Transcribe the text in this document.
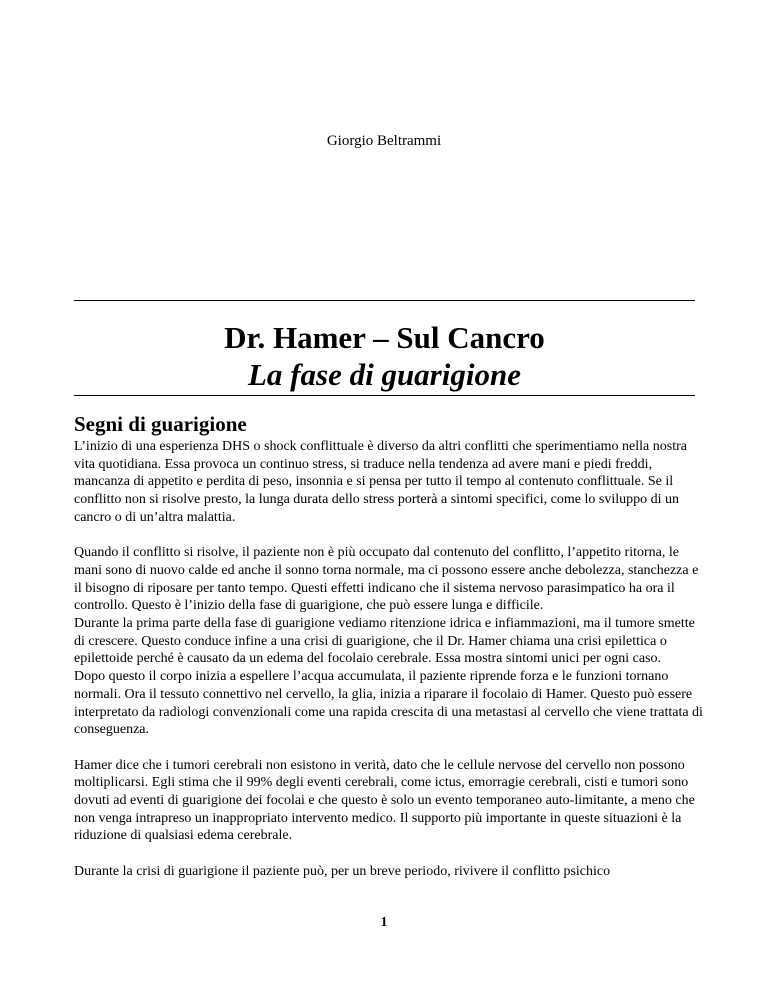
Giorgio Beltrammi
Dr. Hamer – Sul Cancro
La fase di guarigione
Segni di guarigione

L’inizio di una esperienza DHS o shock conflittuale è diverso da altri conflitti che sperimentiamo nella nostra vita quotidiana. Essa provoca un continuo stress, si traduce nella tendenza ad avere mani e piedi freddi, mancanza di appetito e perdita di peso, insonnia e si pensa per tutto il tempo al contenuto conflittuale. Se il conflitto non si risolve presto, la lunga durata dello stress porterà a sintomi specifici, come lo sviluppo di un cancro o di un’altra malattia.

Quando il conflitto si risolve, il paziente non è più occupato dal contenuto del conflitto, l’appetito ritorna, le mani sono di nuovo calde ed anche il sonno torna normale, ma ci possono essere anche debolezza, stanchezza e il bisogno di riposare per tanto tempo. Questi effetti indicano che il sistema nervoso parasimpatico ha ora il controllo. Questo è l’inizio della fase di guarigione, che può essere lunga e difficile.

Durante la prima parte della fase di guarigione vediamo ritenzione idrica e infiammazioni, ma il tumore smette di crescere. Questo conduce infine a una crisi di guarigione, che il Dr. Hamer chiama una crisi epilettica o epilettoide perché è causato da un edema del focolaio cerebrale. Essa mostra sintomi unici per ogni caso.

Dopo questo il corpo inizia a espellere l’acqua accumulata, il paziente riprende forza e le funzioni tornano normali. Ora il tessuto connettivo nel cervello, la glia, inizia a riparare il focolaio di Hamer. Questo può essere interpretato da radiologi convenzionali come una rapida crescita di una metastasi al cervello che viene trattata di conseguenza.

Hamer dice che i tumori cerebrali non esistono in verità, dato che le cellule nervose del cervello non possono moltiplicarsi. Egli stima che il 99% degli eventi cerebrali, come ictus, emorragie cerebrali, cisti e tumori sono dovuti ad eventi di guarigione dei focolai e che questo è solo un evento temporaneo auto-limitante, a meno che non venga intrapreso un inappropriato intervento medico. Il supporto più importante in queste situazioni è la riduzione di qualsiasi edema cerebrale.

Durante la crisi di guarigione il paziente può, per un breve periodo, rivivere il conflitto psichico

1
